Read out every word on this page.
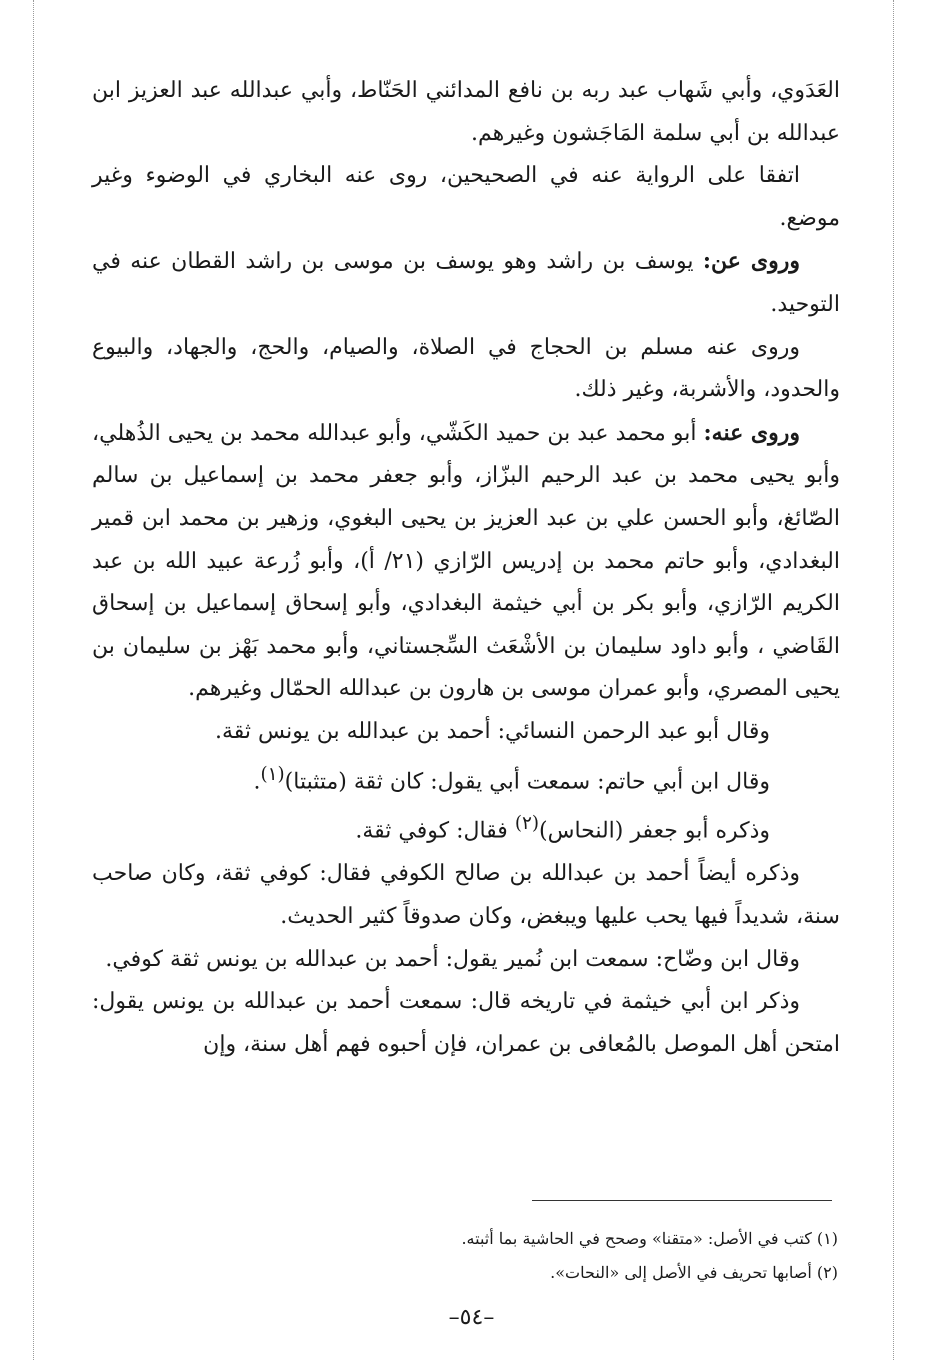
العَدَوي، وأبي شَهاب عبد ربه بن نافع المدائني الحَنّاط، وأبي عبدالله عبد العزيز ابن عبدالله بن أبي سلمة المَاجَشون وغيرهم.

اتفقا على الرواية عنه في الصحيحين، روى عنه البخاري في الوضوء وغير موضع.

وروى عن: يوسف بن راشد وهو يوسف بن موسى بن راشد القطان عنه في التوحيد.

وروى عنه مسلم بن الحجاج في الصلاة، والصيام، والحج، والجهاد، والبيوع والحدود، والأشربة، وغير ذلك.

وروى عنه: أبو محمد عبد بن حميد الكَشّي، وأبو عبدالله محمد بن يحيى الذُهلي، وأبو يحيى محمد بن عبد الرحيم البزّاز، وأبو جعفر محمد بن إسماعيل بن سالم الصّائغ، وأبو الحسن علي بن عبد العزيز بن يحيى البغوي، وزهير بن محمد ابن قمير البغدادي، وأبو حاتم محمد بن إدريس الرّازي (٢١/ أ)، وأبو زُرعة عبيد الله بن عبد الكريم الرّازي، وأبو بكر بن أبي خيثمة البغدادي، وأبو إسحاق إسماعيل بن إسحاق القَاضي ، وأبو داود سليمان بن الأشْعَث السِّجستاني، وأبو محمد بَهْز بن سليمان بن يحيى المصري، وأبو عمران موسى بن هارون بن عبدالله الحمّال وغيرهم.

وقال أبو عبد الرحمن النسائي: أحمد بن عبدالله بن يونس ثقة.

وقال ابن أبي حاتم: سمعت أبي يقول: كان ثقة (متثبتا)$^{(١)}$.

وذكره أبو جعفر (النحاس)$^{(٢)}$ فقال: كوفي ثقة.

وذكره أيضاً أحمد بن عبدالله بن صالح الكوفي فقال: كوفي ثقة، وكان صاحب سنة، شديداً فيها يحب عليها ويبغض، وكان صدوقاً كثير الحديث.

وقال ابن وضّاح: سمعت ابن نُمير يقول: أحمد بن عبدالله بن يونس ثقة كوفي.

وذكر ابن أبي خيثمة في تاريخه قال: سمعت أحمد بن عبدالله بن يونس يقول: امتحن أهل الموصل بالمُعافى بن عمران، فإن أحبوه فهم أهل سنة، وإن

(١) كتب في الأصل: «متقنا» وصحح في الحاشية بما أثبته.
(٢) أصابها تحريف في الأصل إلى «النحات».
–٥٤–
